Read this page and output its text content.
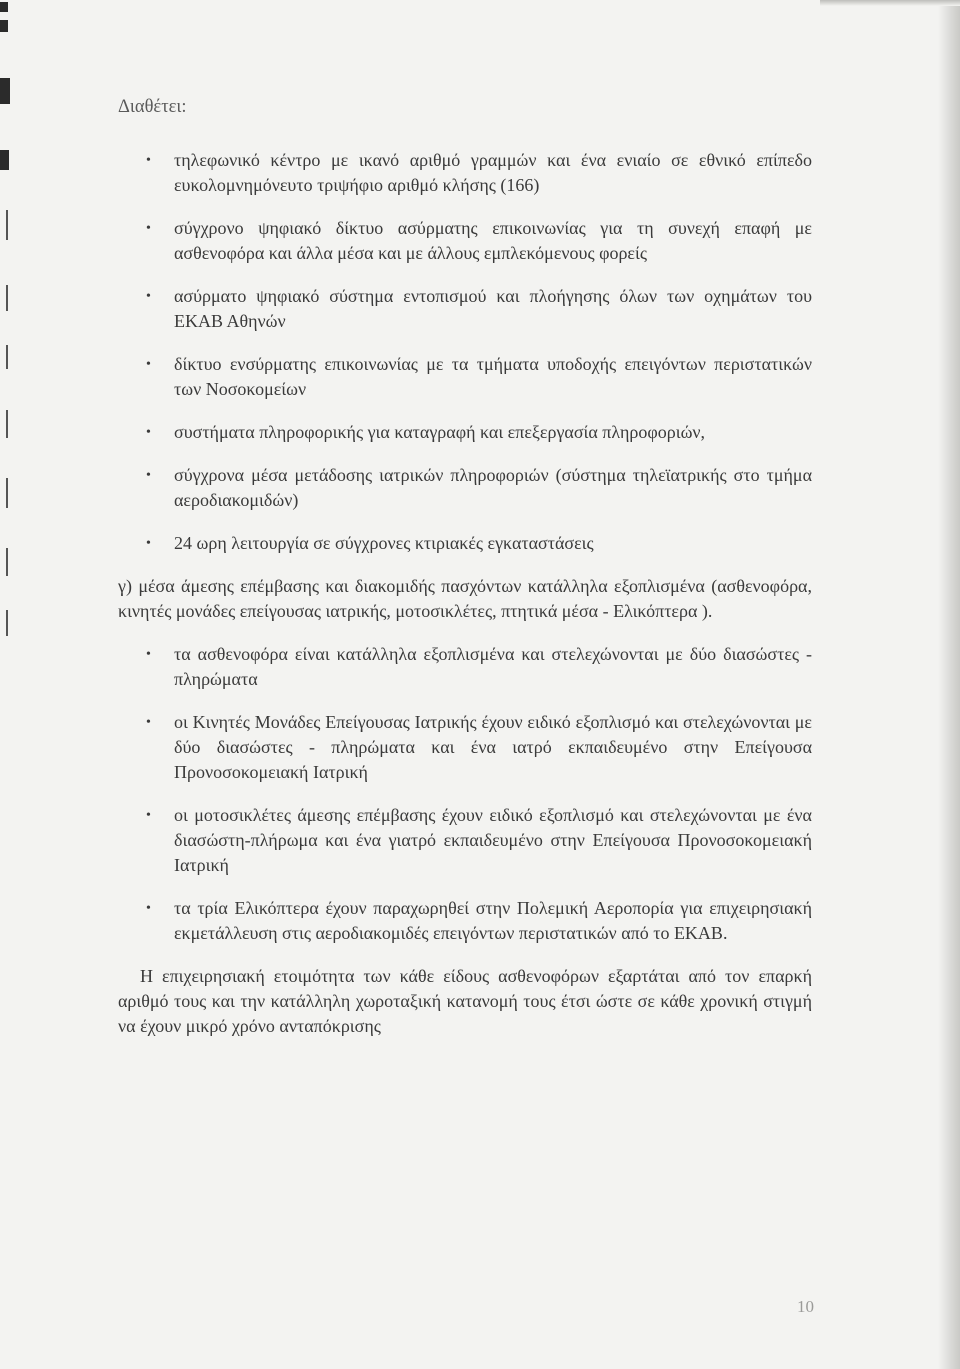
Διαθέτει:
• τηλεφωνικό κέντρο με ικανό αριθμό γραμμών και ένα ενιαίο σε εθνικό επίπεδο ευκολομνημόνευτο τριψήφιο αριθμό κλήσης (166)
• σύγχρονο ψηφιακό δίκτυο ασύρματης επικοινωνίας για τη συνεχή επαφή με ασθενοφόρα και άλλα μέσα και με άλλους εμπλεκόμενους φορείς
• ασύρματο ψηφιακό σύστημα εντοπισμού και πλοήγησης όλων των οχημάτων του ΕΚΑΒ Αθηνών
• δίκτυο ενσύρματης επικοινωνίας με τα τμήματα υποδοχής επειγόντων περιστατικών των Νοσοκομείων
• συστήματα πληροφορικής για καταγραφή και επεξεργασία πληροφοριών,
• σύγχρονα μέσα μετάδοσης ιατρικών πληροφοριών (σύστημα τηλεϊατρικής στο τμήμα αεροδιακομιδών)
• 24 ωρη λειτουργία σε σύγχρονες κτιριακές εγκαταστάσεις

γ) μέσα άμεσης επέμβασης και διακομιδής πασχόντων κατάλληλα εξοπλισμένα (ασθενοφόρα, κινητές μονάδες επείγουσας ιατρικής, μοτοσικλέτες, πτητικά μέσα - Ελικόπτερα ).

• τα ασθενοφόρα είναι κατάλληλα εξοπλισμένα και στελεχώνονται με δύο διασώστες - πληρώματα
• οι Κινητές Μονάδες Επείγουσας Ιατρικής έχουν ειδικό εξοπλισμό και στελεχώνονται με δύο διασώστες - πληρώματα και ένα ιατρό εκπαιδευμένο στην Επείγουσα Προνοσοκομειακή Ιατρική
• οι μοτοσικλέτες άμεσης επέμβασης έχουν ειδικό εξοπλισμό και στελεχώνονται με ένα διασώστη-πλήρωμα και ένα γιατρό εκπαιδευμένο στην Επείγουσα Προνοσοκομειακή Ιατρική
• τα τρία Ελικόπτερα έχουν παραχωρηθεί στην Πολεμική Αεροπορία για επιχειρησιακή εκμετάλλευση στις αεροδιακομιδές επειγόντων περιστατικών από το ΕΚΑΒ.

Η επιχειρησιακή ετοιμότητα των κάθε είδους ασθενοφόρων εξαρτάται από τον επαρκή αριθμό τους και την κατάλληλη χωροταξική κατανομή τους έτσι ώστε σε κάθε χρονική στιγμή να έχουν μικρό χρόνο ανταπόκρισης

10
